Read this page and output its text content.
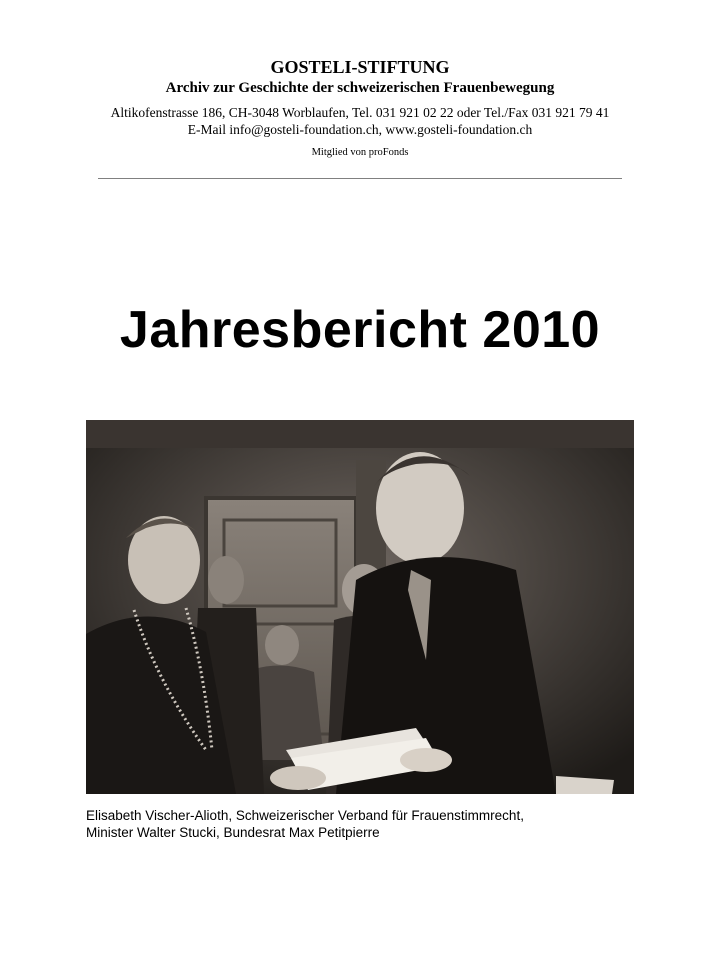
GOSTELI-STIFTUNG
Archiv zur Geschichte der schweizerischen Frauenbewegung
Altikofenstrasse 186, CH-3048 Worblaufen, Tel. 031 921 02 22 oder Tel./Fax 031 921 79 41
E-Mail info@gosteli-foundation.ch, www.gosteli-foundation.ch
Mitglied von proFonds
Jahresbericht 2010
Elisabeth Vischer-Alioth, Schweizerischer Verband für Frauenstimmrecht,
Minister Walter Stucki, Bundesrat Max Petitpierre
